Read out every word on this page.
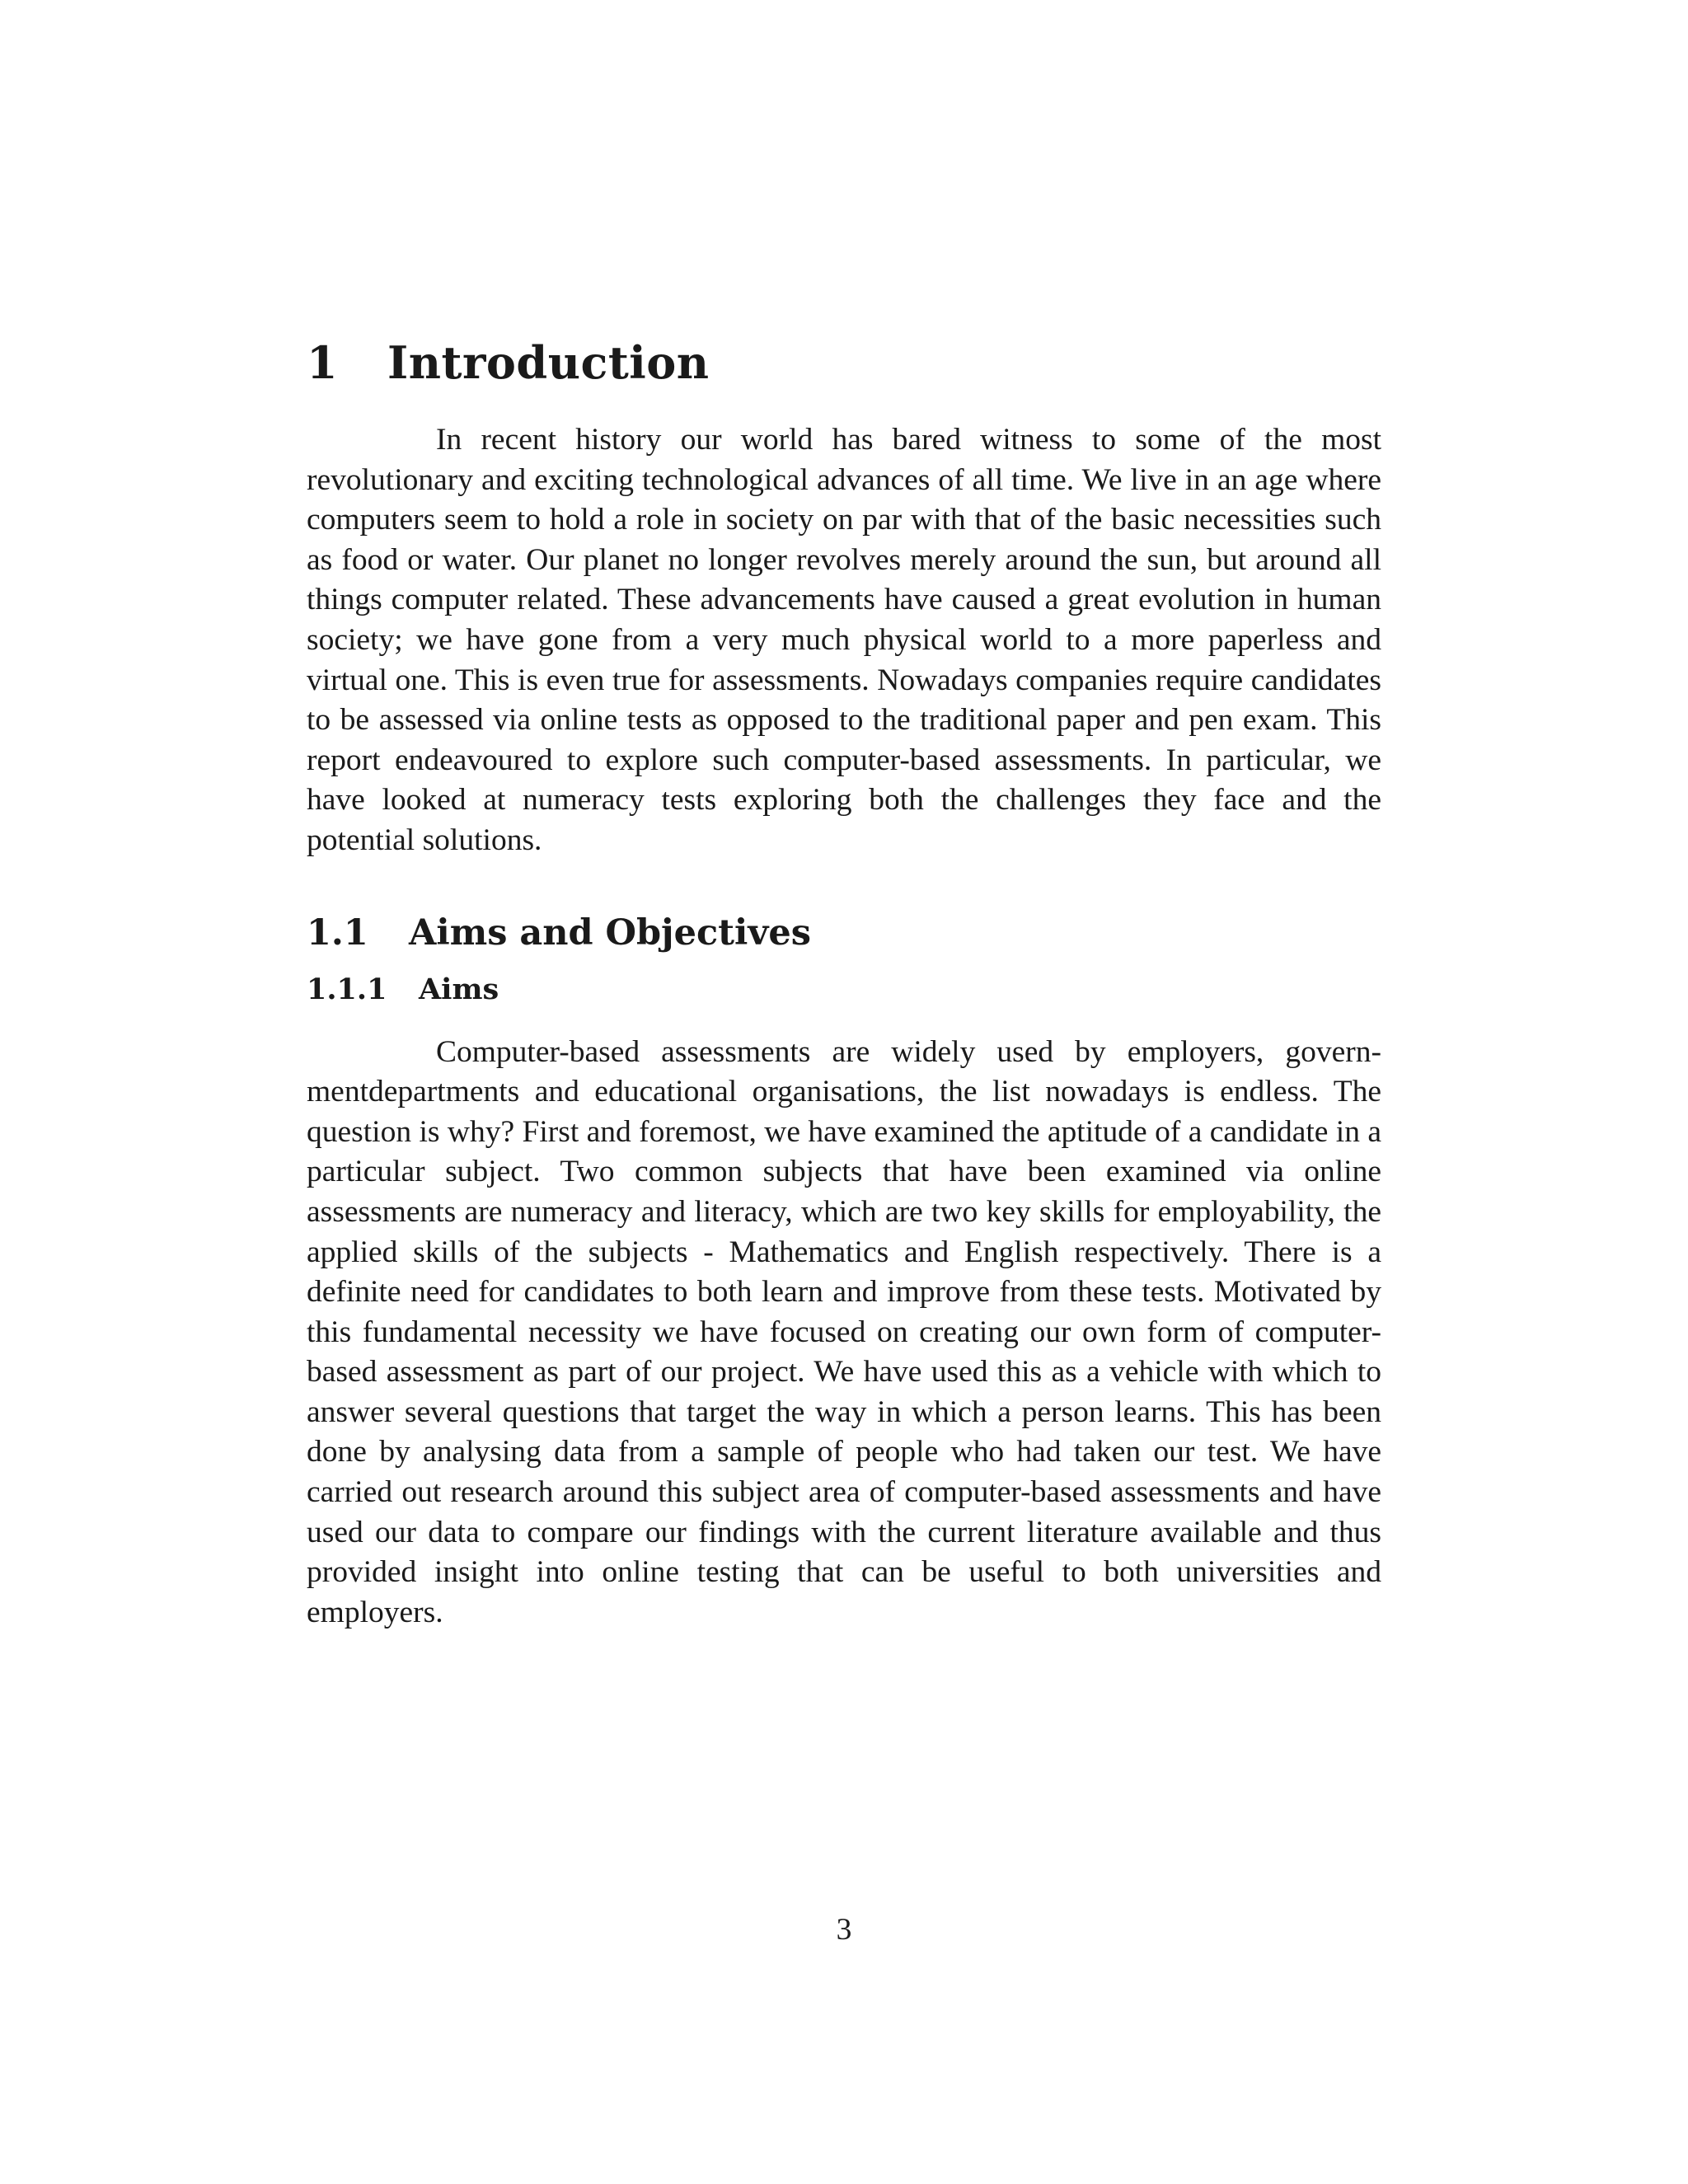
1 Introduction

In recent history our world has bared witness to some of the most revolutionary and exciting technological advances of all time. We live in an age where computers seem to hold a role in society on par with that of the basic necessities such as food or water. Our planet no longer revolves merely around the sun, but around all things computer related. These advancements have caused a great evolution in human society; we have gone from a very much physical world to a more paperless and virtual one. This is even true for assessments. Nowadays companies require candidates to be assessed via online tests as opposed to the traditional paper and pen exam. This report endeavoured to explore such computer-based assessments. In particular, we have looked at numeracy tests exploring both the challenges they face and the potential solutions.

1.1 Aims and Objectives
1.1.1 Aims

Computer-based assessments are widely used by employers, governmentdepartments and educational organisations, the list nowadays is endless. The question is why? First and foremost, we have examined the aptitude of a candidate in a particular subject. Two common subjects that have been examined via online assessments are numeracy and literacy, which are two key skills for employability, the applied skills of the subjects - Mathematics and English respectively. There is a definite need for candidates to both learn and improve from these tests. Motivated by this fundamental necessity we have focused on creating our own form of computer-based assessment as part of our project. We have used this as a vehicle with which to answer several questions that target the way in which a person learns. This has been done by analysing data from a sample of people who had taken our test. We have carried out research around this subject area of computer-based assessments and have used our data to compare our findings with the current literature available and thus provided insight into online testing that can be useful to both universities and employers.

3
